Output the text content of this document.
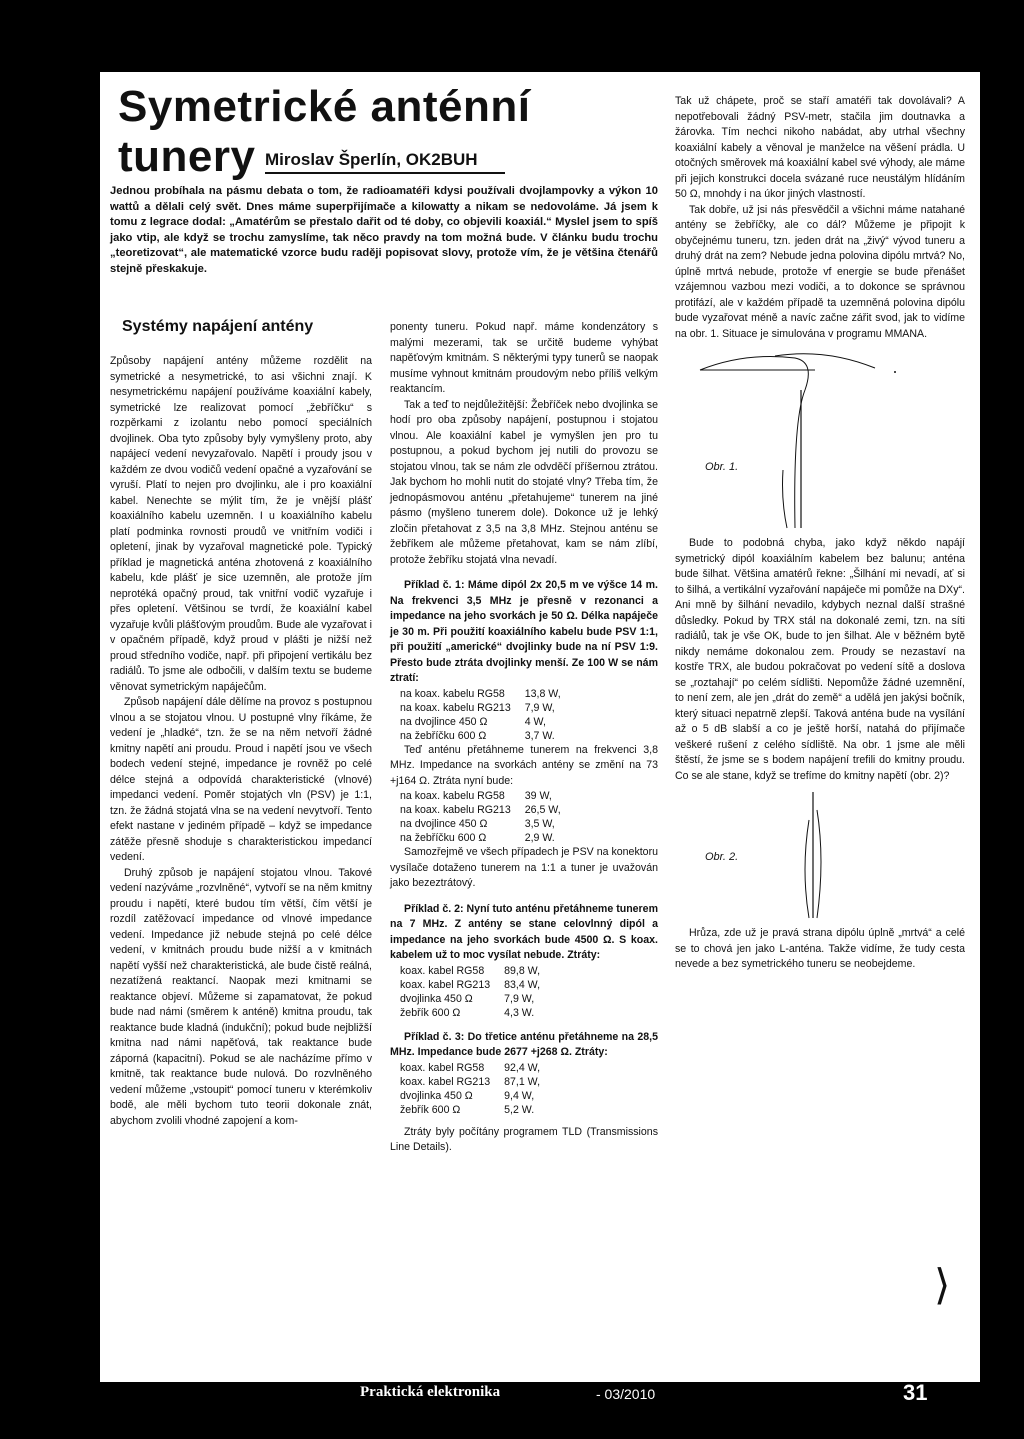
Symetrické anténní tunery Miroslav Šperlín, OK2BUH
Jednou probíhala na pásmu debata o tom, že radioamatéři kdysi používali dvojlampovky a výkon 10 wattů a dělali celý svět. Dnes máme superpřijímače a kilowatty a nikam se nedovoláme. Já jsem k tomu z legrace dodal: „Amatérům se přestalo dařit od té doby, co objevili koaxiál.“ Myslel jsem to spíš jako vtip, ale když se trochu zamyslíme, tak něco pravdy na tom možná bude. V článku budu trochu „teoretizovat“, ale matematické vzorce budu raději popisovat slovy, protože vím, že je většina čtenářů stejně přeskakuje.
Systémy napájení antény

Způsoby napájení antény můžeme rozdělit na symetrické a nesymetrické, to asi všichni znají. K nesymetrickému napájení používáme koaxiální kabely, symetrické lze realizovat pomocí „žebříčku“ s rozpěrkami z izolantu nebo pomocí speciálních dvojlinek. Oba tyto způsoby byly vymyšleny proto, aby napájecí vedení nevyzařovalo. Napětí i proudy jsou v každém ze dvou vodičů vedení opačné a vyzařování se vyruší. Platí to nejen pro dvojlinku, ale i pro koaxiální kabel. Nenechte se mýlit tím, že je vnější plášť koaxiálního kabelu uzemněn. I u koaxiálního kabelu platí podminka rovnosti proudů ve vnitřním vodiči i opletení, jinak by vyzařoval magnetické pole. Typický příklad je magnetická anténa zhotovená z koaxiálního kabelu, kde plášť je sice uzemněn, ale protože jím neprotéká opačný proud, tak vnitřní vodič vyzařuje i přes opletení. Většinou se tvrdí, že koaxiální kabel vyzařuje kvůli plášťovým proudům. Bude ale vyzařovat i v opačném případě, když proud v plášti je nižší než proud středního vodiče, např. při připojení vertikálu bez radiálů. To jsme ale odbočili, v dalším textu se budeme věnovat symetrickým napáječům.

Způsob napájení dále dělíme na provoz s postupnou vlnou a se stojatou vlnou. U postupné vlny říkáme, že vedení je „hladké“, tzn. že se na něm netvoří žádné kmitny napětí ani proudu. Proud i napětí jsou ve všech bodech vedení stejné, impedance je rovněž po celé délce stejná a odpovídá charakteristické (vlnové) impedanci vedení. Poměr stojatých vln (PSV) je 1:1, tzn. že žádná stojatá vlna se na vedení nevytvoří. Tento efekt nastane v jediném případě – když se impedance zátěže přesně shoduje s charakteristickou impedancí vedení.

Druhý způsob je napájení stojatou vlnou. Takové vedení nazýváme „rozvlněné“, vytvoří se na něm kmitny proudu i napětí, které budou tím větší, čím větší je rozdíl zatěžovací impedance od vlnové impedance vedení. Impedance již nebude stejná po celé délce vedení, v kmitnách proudu bude nižší a v kmitnách napětí vyšší než charakteristická, ale bude čistě reálná, nezatížená reaktancí. Naopak mezi kmitnami se reaktance objeví. Můžeme si zapamatovat, že pokud bude nad námi (směrem k anténě) kmitna proudu, tak reaktance bude kladná (indukční); pokud bude nejbližší kmitna nad námi napěťová, tak reaktance bude záporná (kapacitní). Pokud se ale nacházíme přímo v kmitně, tak reaktance bude nulová. Do rozvlněného vedení můžeme „vstoupit“ pomocí tuneru v kterémkoliv bodě, ale měli bychom tuto teorii dokonale znát, abychom zvolili vhodné zapojení a kom-

ponenty tuneru. Pokud např. máme kondenzátory s malými mezerami, tak se určitě budeme vyhýbat napěťovým kmitnám. S některými typy tunerů se naopak musíme vyhnout kmitnám proudovým nebo příliš velkým reaktancím.

Tak a teď to nejdůležitější: Žebříček nebo dvojlinka se hodí pro oba způsoby napájení, postupnou i stojatou vlnou. Ale koaxiální kabel je vymyšlen jen pro tu postupnou, a pokud bychom jej nutili do provozu se stojatou vlnou, tak se nám zle odvděčí příšernou ztrátou. Jak bychom ho mohli nutit do stojaté vlny? Třeba tím, že jednopásmovou anténu „přetahujeme“ tunerem na jiné pásmo (myšleno tunerem dole). Dokonce už je lehký zločin přetahovat z 3,5 na 3,8 MHz. Stejnou anténu se žebříkem ale můžeme přetahovat, kam se nám zlíbí, protože žebříku stojatá vlna nevadí.

Příklad č. 1: Máme dipól 2x 20,5 m ve výšce 14 m. Na frekvenci 3,5 MHz je přesně v rezonanci a impedance na jeho svorkách je 50 Ω. Délka napáječe je 30 m. Při použití koaxiálního kabelu bude PSV 1:1, při použití „americké“ dvojlinky bude na ní PSV 1:9. Přesto bude ztráta dvojlinky menší. Ze 100 W se nám ztratí:

na koax. kabelu RG58	13,8 W,
na koax. kabelu RG213	7,9 W,
na dvojlince 450 Ω	4 W,
na žebříčku 600 Ω	3,7 W.

Teď anténu přetáhneme tunerem na frekvenci 3,8 MHz. Impedance na svorkách antény se změní na 73 +j164 Ω. Ztráta nyní bude:

na koax. kabelu RG58	39 W,
na koax. kabelu RG213	26,5 W,
na dvojlince 450 Ω	3,5 W,
na žebříčku 600 Ω	2,9 W.

Samozřejmě ve všech případech je PSV na konektoru vysílače dotaženo tunerem na 1:1 a tuner je uvažován jako bezeztrátový.

Příklad č. 2: Nyní tuto anténu přetáhneme tunerem na 7 MHz. Z antény se stane celovlnný dipól a impedance na jeho svorkách bude 4500 Ω. S koax. kabelem už to moc vysílat nebude. Ztráty:

koax. kabel RG58	89,8 W,
koax. kabel RG213	83,4 W,
dvojlinka 450 Ω	7,9 W,
žebřík 600 Ω	4,3 W.

Příklad č. 3: Do třetice anténu přetáhneme na 28,5 MHz. Impedance bude 2677 +j268 Ω. Ztráty:

koax. kabel RG58	92,4 W,
koax. kabel RG213	87,1 W,
dvojlinka 450 Ω	9,4 W,
žebřík 600 Ω	5,2 W.

Ztráty byly počítány programem TLD (Transmissions Line Details).

Tak už chápete, proč se staří amatéři tak dovolávali? A nepotřebovali žádný PSV-metr, stačila jim doutnavka a žárovka. Tím nechci nikoho nabádat, aby utrhal všechny koaxiální kabely a věnoval je manželce na věšení prádla. U otočných směrovek má koaxiální kabel své výhody, ale máme při jejich konstrukci docela svázané ruce neustálým hlídáním 50 Ω, mnohdy i na úkor jiných vlastností.

Tak dobře, už jsi nás přesvědčil a všichni máme natahané antény se žebříčky, ale co dál? Můžeme je připojit k obyčejnému tuneru, tzn. jeden drát na „živý“ vývod tuneru a druhý drát na zem? Nebude jedna polovina dipólu mrtvá? No, úplně mrtvá nebude, protože vf energie se bude přenášet vzájemnou vazbou mezi vodiči, a to dokonce se správnou protifází, ale v každém případě ta uzemněná polovina dipólu bude vyzařovat méně a navíc začne zářit svod, jak to vidíme na obr. 1. Situace je simulována v programu MMANA.

Obr. 1.

Bude to podobná chyba, jako když někdo napájí symetrický dipól koaxiálním kabelem bez balunu; anténa bude šilhat. Většina amatérů řekne: „Šilhání mi nevadí, ať si to šilhá, a vertikální vyzařování napáječe mi pomůže na DXy“. Ani mně by šilhání nevadilo, kdybych neznal další strašné důsledky. Pokud by TRX stál na dokonalé zemi, tzn. na síti radiálů, tak je vše OK, bude to jen šilhat. Ale v běžném bytě nikdy nemáme dokonalou zem. Proudy se nezastaví na kostře TRX, ale budou pokračovat po vedení sítě a doslova se „roztahají“ po celém sídlišti. Nepomůže žádné uzemnění, to není zem, ale jen „drát do země“ a udělá jen jakýsi bočník, který situaci nepatrně zlepší. Taková anténa bude na vysílání až o 5 dB slabší a co je ještě horší, natahá do přijímače veškeré rušení z celého sídliště. Na obr. 1 jsme ale měli štěstí, že jsme se s bodem napájení trefili do kmitny proudu. Co se ale stane, když se trefíme do kmitny napětí (obr. 2)?

Obr. 2.

Hrůza, zde už je pravá strana dipólu úplně „mrtvá“ a celé se to chová jen jako L-anténa. Takže vidíme, že tudy cesta nevede a bez symetrického tuneru se neobejdeme.

⟩
Praktická elektronika	- 03/2010	31
